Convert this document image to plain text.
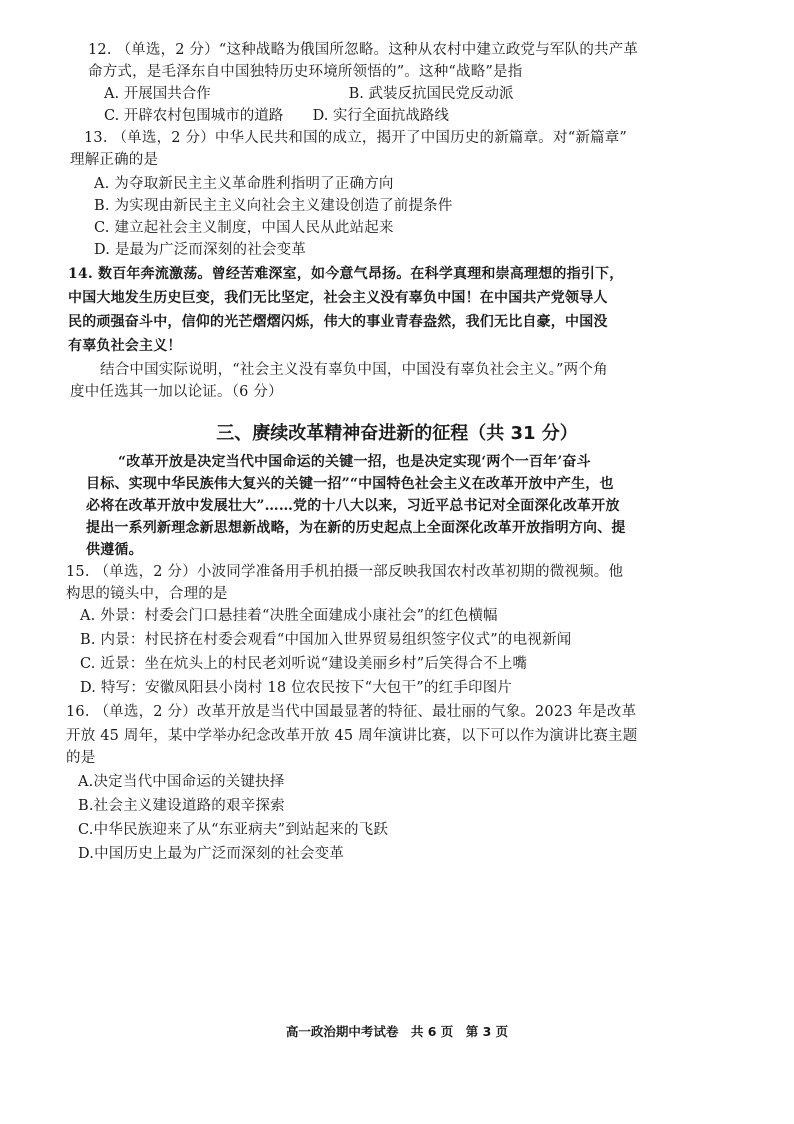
12. （单选，2 分）“这种战略为俄国所忽略。这种从农村中建立政党与军队的共产革
命方式，是毛泽东自中国独特历史环境所领悟的”。这种“战略”是指
A. 开展国共合作	B. 武装反抗国民党反动派
C. 开辟农村包围城市的道路 D. 实行全面抗战路线
13. （单选，2 分）中华人民共和国的成立，揭开了中国历史的新篇章。对“新篇章”
理解正确的是
A. 为夺取新民主主义革命胜利指明了正确方向
B. 为实现由新民主主义向社会主义建设创造了前提条件
C. 建立起社会主义制度，中国人民从此站起来
D. 是最为广泛而深刻的社会变革
14. 数百年奔流激荡。曾经苦难深室，如今意气昂扬。在科学真理和崇高理想的指引下，
中国大地发生历史巨变，我们无比坚定，社会主义没有辜负中国！在中国共产党领导人
民的顽强奋斗中，信仰的光芒熠熠闪烁，伟大的事业青春盎然，我们无比自豪，中国没
有辜负社会主义！
结合中国实际说明，“社会主义没有辜负中国，中国没有辜负社会主义。”两个角
度中任选其一加以论证。（6 分）
三、赓续改革精神奋进新的征程（共 31 分）
“改革开放是决定当代中国命运的关键一招，也是决定实现‘两个一百年’奋斗
目标、实现中华民族伟大复兴的关键一招”“中国特色社会主义在改革开放中产生，也
必将在改革开放中发展壮大”……党的十八大以来，习近平总书记对全面深化改革开放
提出一系列新理念新思想新战略，为在新的历史起点上全面深化改革开放指明方向、提
供遵循。
15. （单选，2 分）小波同学准备用手机拍摄一部反映我国农村改革初期的微视频。他
构思的镜头中，合理的是
A. 外景：村委会门口悬挂着“决胜全面建成小康社会”的红色横幅
B. 内景：村民挤在村委会观看“中国加入世界贸易组织签字仪式”的电视新闻
C. 近景：坐在炕头上的村民老刘听说“建设美丽乡村”后笑得合不上嘴
D. 特写：安徽凤阳县小岗村 18 位农民按下“大包干”的红手印图片
16. （单选，2 分）改革开放是当代中国最显著的特征、最壮丽的气象。2023 年是改革
开放 45 周年，某中学举办纪念改革开放 45 周年演讲比赛，以下可以作为演讲比赛主题
的是
A.决定当代中国命运的关键抉择
B.社会主义建设道路的艰辛探索
C.中华民族迎来了从“东亚病夫”到站起来的飞跃
D.中国历史上最为广泛而深刻的社会变革
高一政治期中考试卷　共 6 页　第 3 页
